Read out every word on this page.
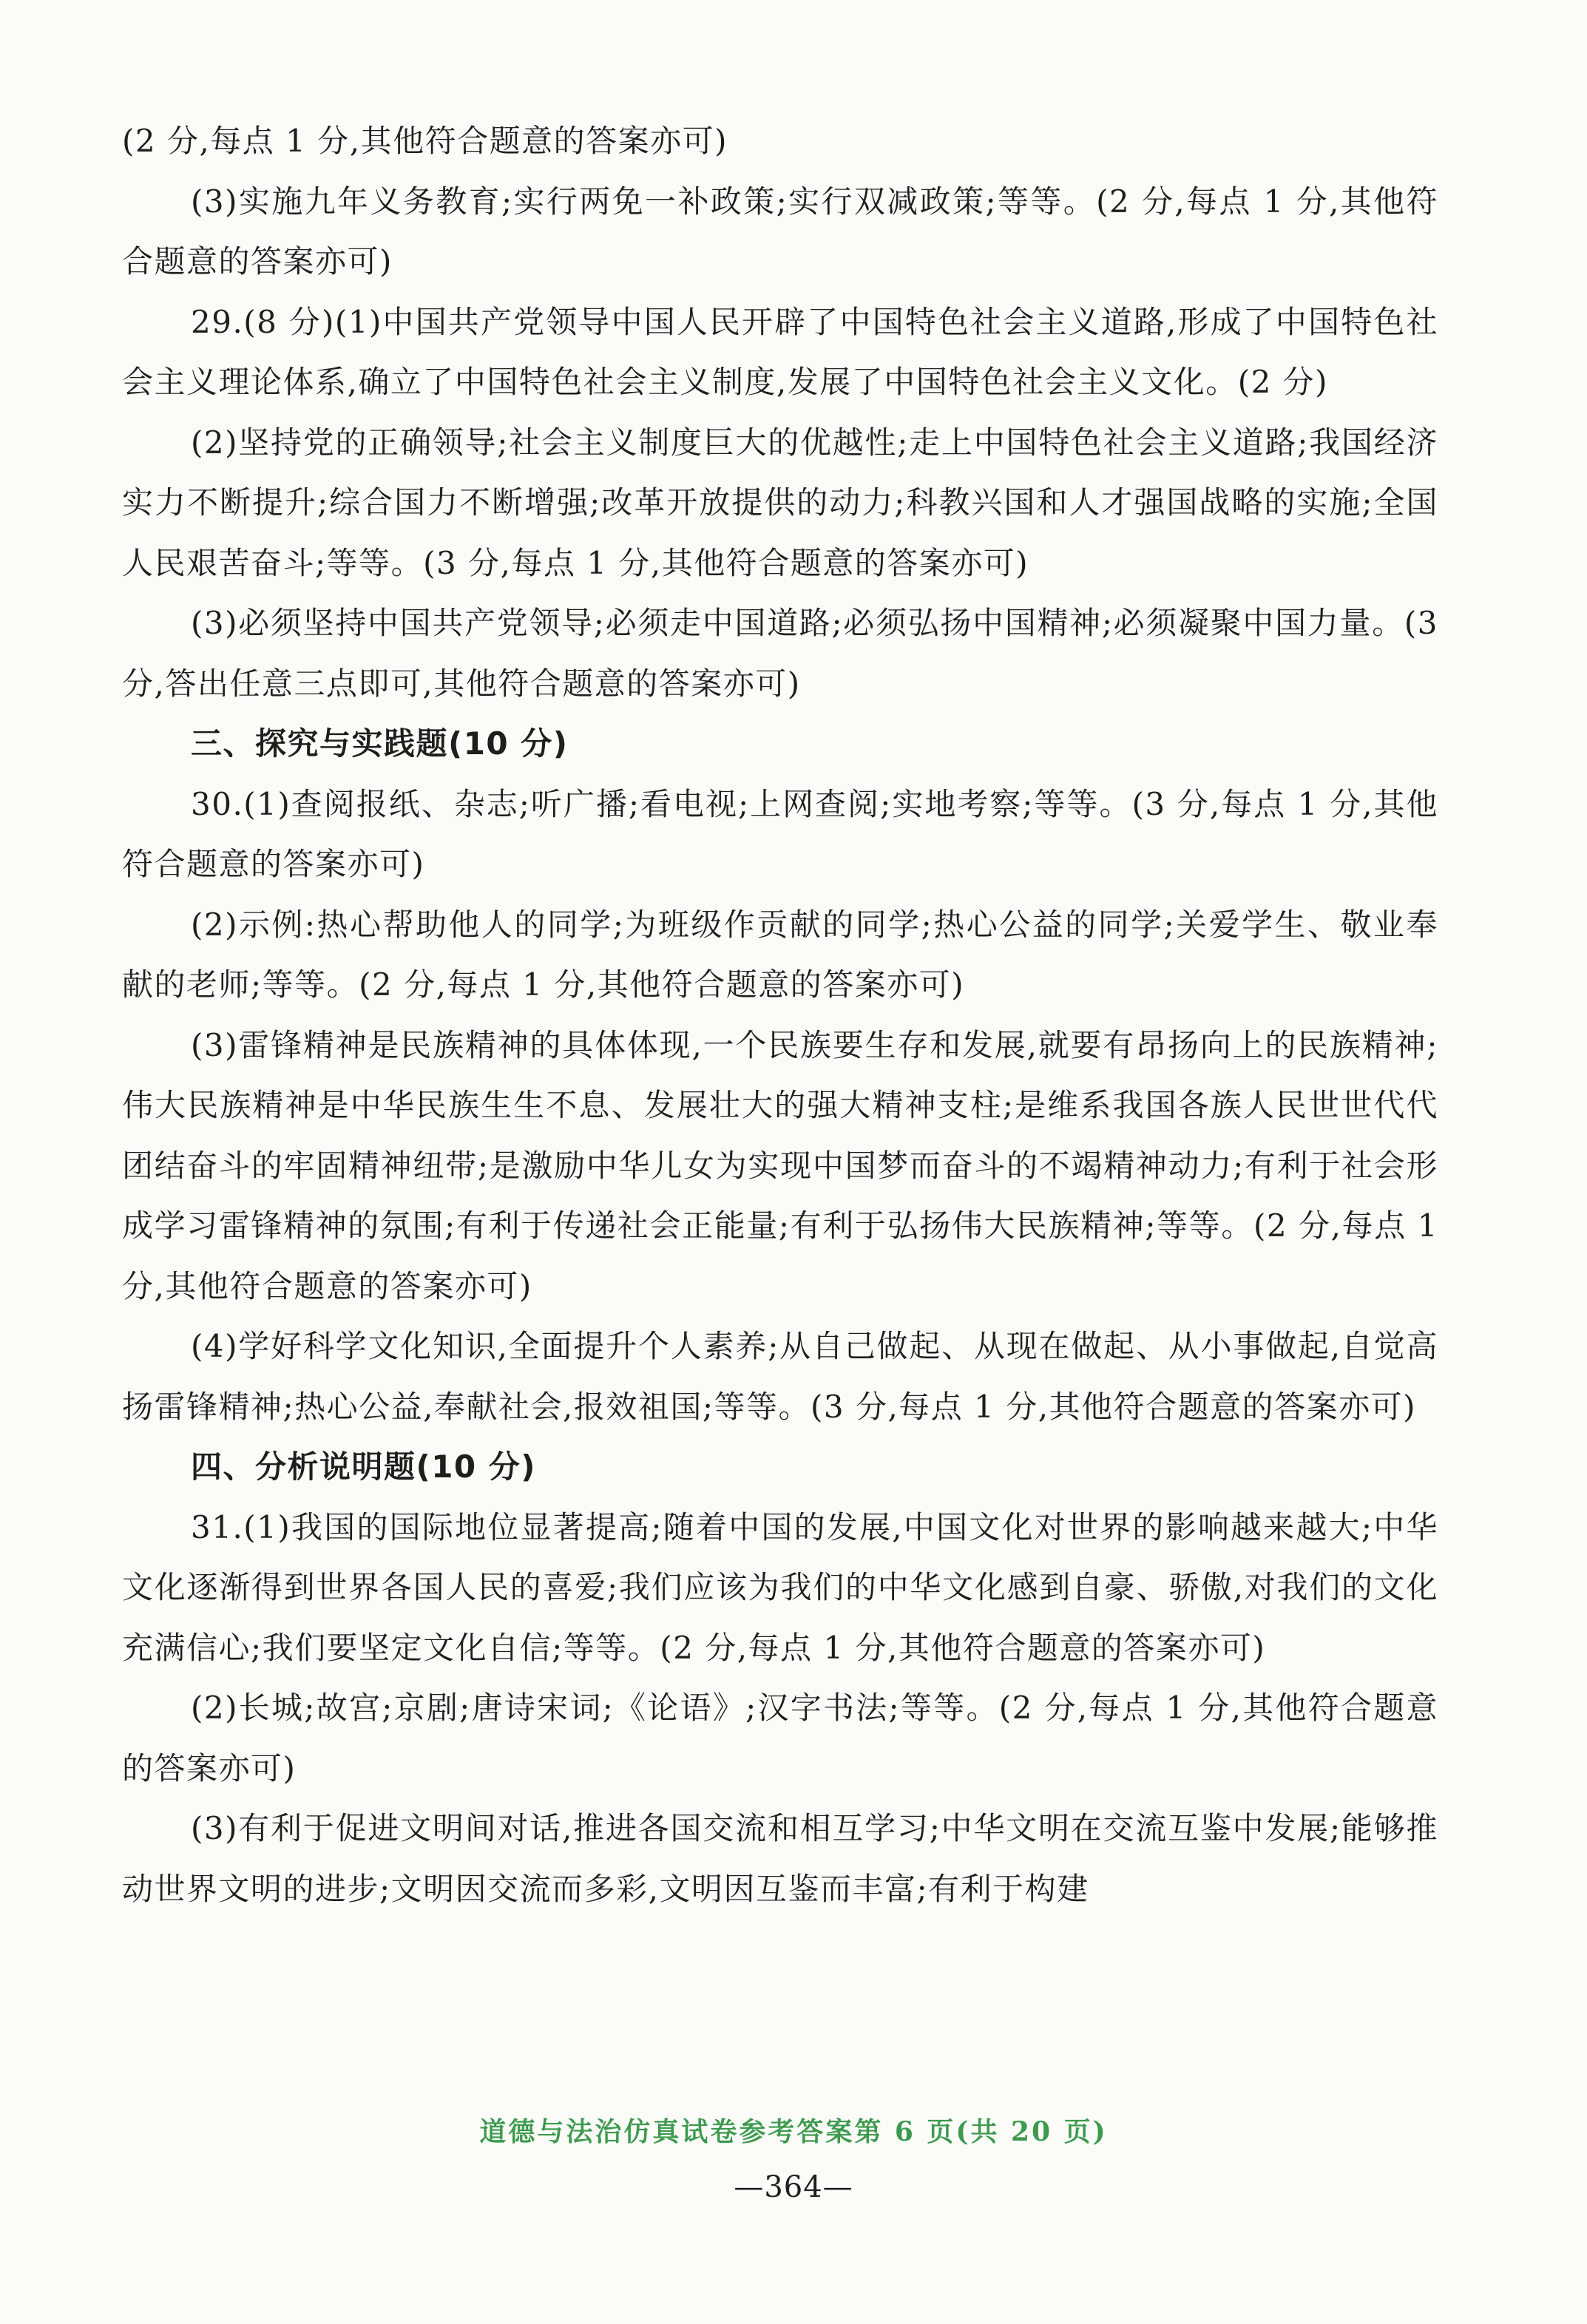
(2 分,每点 1 分,其他符合题意的答案亦可)

(3)实施九年义务教育;实行两免一补政策;实行双减政策;等等。(2 分,每点 1 分,其他符合题意的答案亦可)

29.(8 分)(1)中国共产党领导中国人民开辟了中国特色社会主义道路,形成了中国特色社会主义理论体系,确立了中国特色社会主义制度,发展了中国特色社会主义文化。(2 分)

(2)坚持党的正确领导;社会主义制度巨大的优越性;走上中国特色社会主义道路;我国经济实力不断提升;综合国力不断增强;改革开放提供的动力;科教兴国和人才强国战略的实施;全国人民艰苦奋斗;等等。(3 分,每点 1 分,其他符合题意的答案亦可)

(3)必须坚持中国共产党领导;必须走中国道路;必须弘扬中国精神;必须凝聚中国力量。(3 分,答出任意三点即可,其他符合题意的答案亦可)

三、探究与实践题(10 分)

30.(1)查阅报纸、杂志;听广播;看电视;上网查阅;实地考察;等等。(3 分,每点 1 分,其他符合题意的答案亦可)

(2)示例:热心帮助他人的同学;为班级作贡献的同学;热心公益的同学;关爱学生、敬业奉献的老师;等等。(2 分,每点 1 分,其他符合题意的答案亦可)

(3)雷锋精神是民族精神的具体体现,一个民族要生存和发展,就要有昂扬向上的民族精神;伟大民族精神是中华民族生生不息、发展壮大的强大精神支柱;是维系我国各族人民世世代代团结奋斗的牢固精神纽带;是激励中华儿女为实现中国梦而奋斗的不竭精神动力;有利于社会形成学习雷锋精神的氛围;有利于传递社会正能量;有利于弘扬伟大民族精神;等等。(2 分,每点 1 分,其他符合题意的答案亦可)

(4)学好科学文化知识,全面提升个人素养;从自己做起、从现在做起、从小事做起,自觉高扬雷锋精神;热心公益,奉献社会,报效祖国;等等。(3 分,每点 1 分,其他符合题意的答案亦可)

四、分析说明题(10 分)

31.(1)我国的国际地位显著提高;随着中国的发展,中国文化对世界的影响越来越大;中华文化逐渐得到世界各国人民的喜爱;我们应该为我们的中华文化感到自豪、骄傲,对我们的文化充满信心;我们要坚定文化自信;等等。(2 分,每点 1 分,其他符合题意的答案亦可)

(2)长城;故宫;京剧;唐诗宋词;《论语》;汉字书法;等等。(2 分,每点 1 分,其他符合题意的答案亦可)

(3)有利于促进文明间对话,推进各国交流和相互学习;中华文明在交流互鉴中发展;能够推动世界文明的进步;文明因交流而多彩,文明因互鉴而丰富;有利于构建

道德与法治仿真试卷参考答案第 6 页(共 20 页)
—364—
